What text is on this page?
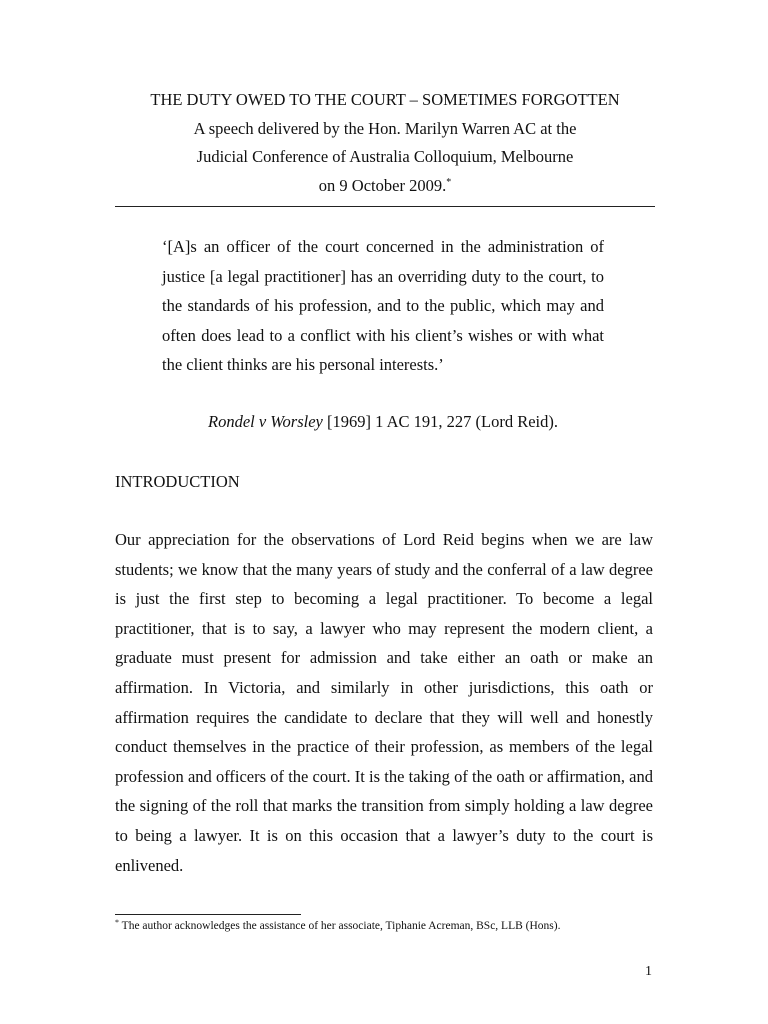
THE DUTY OWED TO THE COURT – SOMETIMES FORGOTTEN
A speech delivered by the Hon. Marilyn Warren AC at the
Judicial Conference of Australia Colloquium, Melbourne
on 9 October 2009.*

‘[A]s an officer of the court concerned in the administration of justice [a legal practitioner] has an overriding duty to the court, to the standards of his profession, and to the public, which may and often does lead to a conflict with his client’s wishes or with what the client thinks are his personal interests.’

Rondel v Worsley [1969] 1 AC 191, 227 (Lord Reid).
INTRODUCTION

Our appreciation for the observations of Lord Reid begins when we are law students; we know that the many years of study and the conferral of a law degree is just the first step to becoming a legal practitioner. To become a legal practitioner, that is to say, a lawyer who may represent the modern client, a graduate must present for admission and take either an oath or make an affirmation. In Victoria, and similarly in other jurisdictions, this oath or affirmation requires the candidate to declare that they will well and honestly conduct themselves in the practice of their profession, as members of the legal profession and officers of the court. It is the taking of the oath or affirmation, and the signing of the roll that marks the transition from simply holding a law degree to being a lawyer. It is on this occasion that a lawyer’s duty to the court is enlivened.

* The author acknowledges the assistance of her associate, Tiphanie Acreman, BSc, LLB (Hons).
1
